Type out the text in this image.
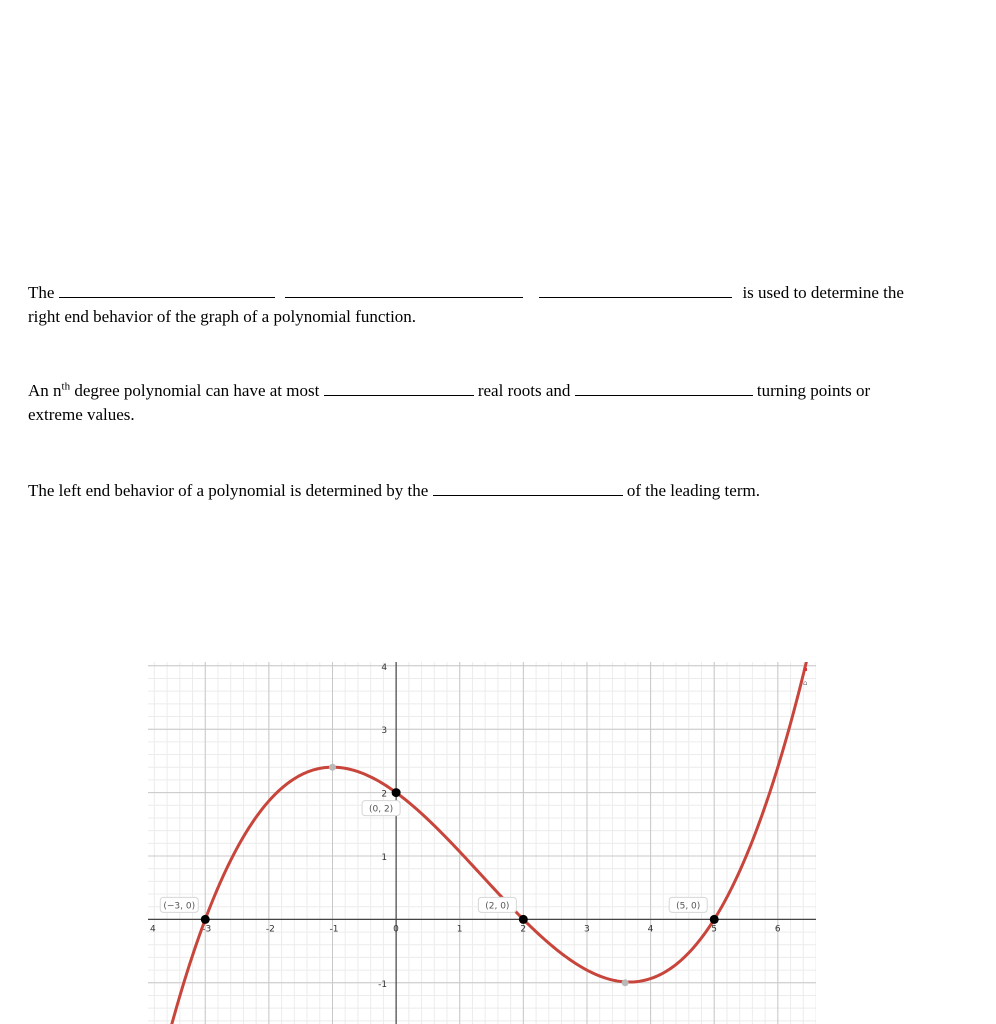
The	is used to determine the
right end behavior of the graph of a polynomial function.
An $n^{th}$ degree polynomial can have at most	real roots and	turning points or
extreme values.
The left end behavior of a polynomial is determined by the	of the leading term.
4	-3	-2	-1	0	1	2	3	4	5	6
4
3
2
1
-1
(−3, 0)
(0, 2)
(2, 0)	(5, 0)
⌂
